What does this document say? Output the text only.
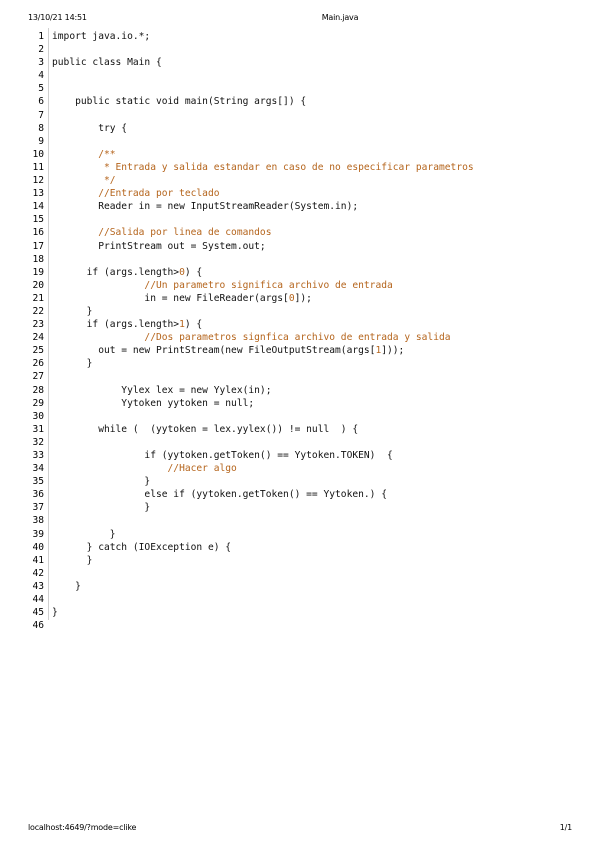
13/10/21 14:51	Main.java
1 import java.io.*;
2
3 public class Main {
4
5
6 public static void main(String args[]) {
7
8 try {
9
10 /**
11 * Entrada y salida estandar en caso de no especificar parametros
12 */
13 //Entrada por teclado
14 Reader in = new InputStreamReader(System.in);
15
16 //Salida por linea de comandos
17 PrintStream out = System.out;
18
19 if (args.length>0) {
20 //Un parametro significa archivo de entrada
21 in = new FileReader(args[0]);
22 }
23 if (args.length>1) {
24 //Dos parametros signfica archivo de entrada y salida
25 out = new PrintStream(new FileOutputStream(args[1]));
26 }
27
28 Yylex lex = new Yylex(in);
29 Yytoken yytoken = null;
30
31 while (  (yytoken = lex.yylex()) != null  ) {
32
33 if (yytoken.getToken() == Yytoken.TOKEN)  {
34 //Hacer algo
35 }
36 else if (yytoken.getToken() == Yytoken.) {
37 }
38
39 }
40 } catch (IOException e) {
41 }
42
43 }
44
45 }
46
localhost:4649/?mode=clike	1/1
